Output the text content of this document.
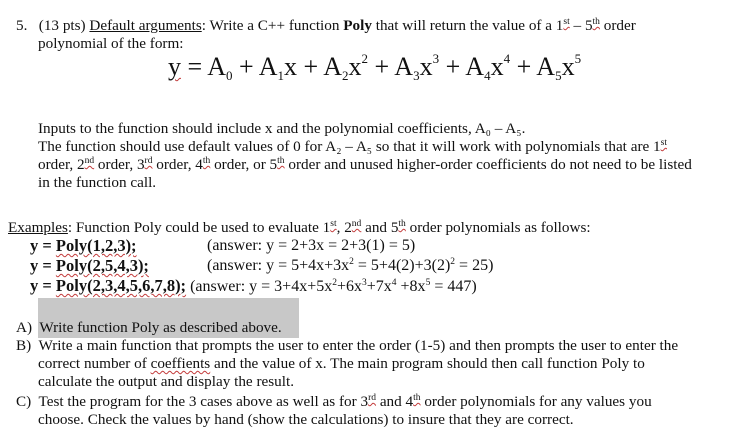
5. (13 pts) Default arguments: Write a C++ function Poly that will return the value of a 1st – 5th order
polynomial of the form:
$y = A_0 + A_1x + A_2x^2 + A_3x^3 + A_4x^4 + A_5x^5$
Inputs to the function should include x and the polynomial coefficients, A₀ – A₅.
The function should use default values of 0 for A₂ – A₅ so that it will work with polynomials that are 1st
order, 2nd order, 3rd order, 4th order, or 5th order and unused higher-order coefficients do not need to be listed
in the function call.
Examples: Function Poly could be used to evaluate 1st, 2nd and 5th order polynomials as follows:
y = Poly(1,2,3);	(answer: y = 2+3x = 2+3(1) = 5)
y = Poly(2,5,4,3);	(answer: $y = 5+4x+3x^2 = 5+4(2)+3(2)^2 = 25$)
y = Poly(2,3,4,5,6,7,8); (answer: $y = 3+4x+5x^2+6x^3+7x^4 +8x^5 = 447$)
A) Write function Poly as described above.
B) Write a main function that prompts the user to enter the order (1-5) and then prompts the user to enter the
correct number of coeffients and the value of x. The main program should then call function Poly to
calculate the output and display the result.
C) Test the program for the 3 cases above as well as for 3rd and 4th order polynomials for any values you
choose. Check the values by hand (show the calculations) to insure that they are correct.
